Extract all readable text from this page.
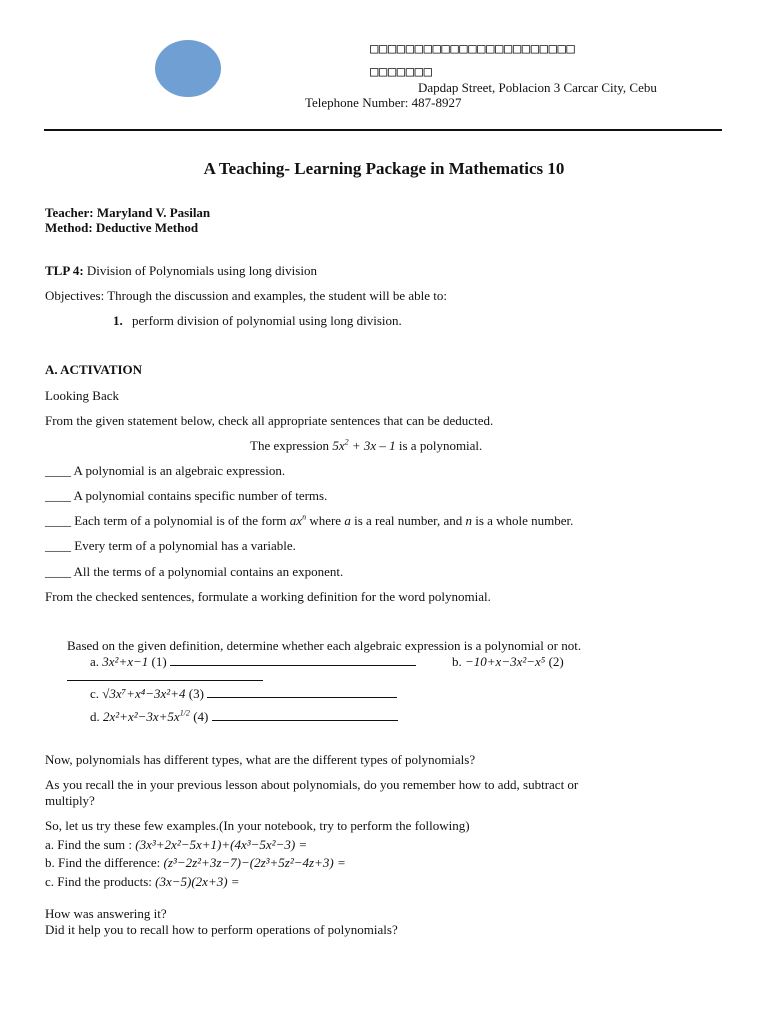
□□□□□□□□□□□□□□□□□□□□□□□
□□□□□□□
Dapdap Street, Poblacion 3 Carcar City, Cebu
Telephone Number: 487-8927
A Teaching- Learning Package in Mathematics 10
Teacher: Maryland V. Pasilan
Method: Deductive Method
TLP 4: Division of Polynomials using long division
Objectives: Through the discussion and examples, the student will be able to:
1. perform division of polynomial using long division.
A. ACTIVATION
Looking Back
From the given statement below, check all appropriate sentences that can be deducted.
The expression $5x^2 + 3x - 1$ is a polynomial.
____ A polynomial is an algebraic expression.
____ A polynomial contains specific number of terms.
____ Each term of a polynomial is of the form $ax^n$ where a is a real number, and n is a whole number.
____ Every term of a polynomial has a variable.
____ All the terms of a polynomial contains an exponent.
From the checked sentences, formulate a working definition for the word polynomial.
Based on the given definition, determine whether each algebraic expression is a polynomial or not.
a. 3x²+x−1 (1)	b. −10+x−3x²−x⁵ (2)
c. √3x⁷+x⁴−3x²+4 (3)
d. $2x^2+x^2-3x+5x^{1/2}$ (4)
Now, polynomials has different types, what are the different types of polynomials?
As you recall the in your previous lesson about polynomials, do you remember how to add, subtract or
multiply?
So, let us try these few examples.(In your notebook, try to perform the following)
a. Find the sum : (3x³+2x²−5x+1)+(4x³−5x²−3) =
b. Find the difference: (z³−2z²+3z−7)−(2z³+5z²−4z+3) =
c. Find the products: (3x−5)(2x+3) =
How was answering it?
Did it help you to recall how to perform operations of polynomials?
